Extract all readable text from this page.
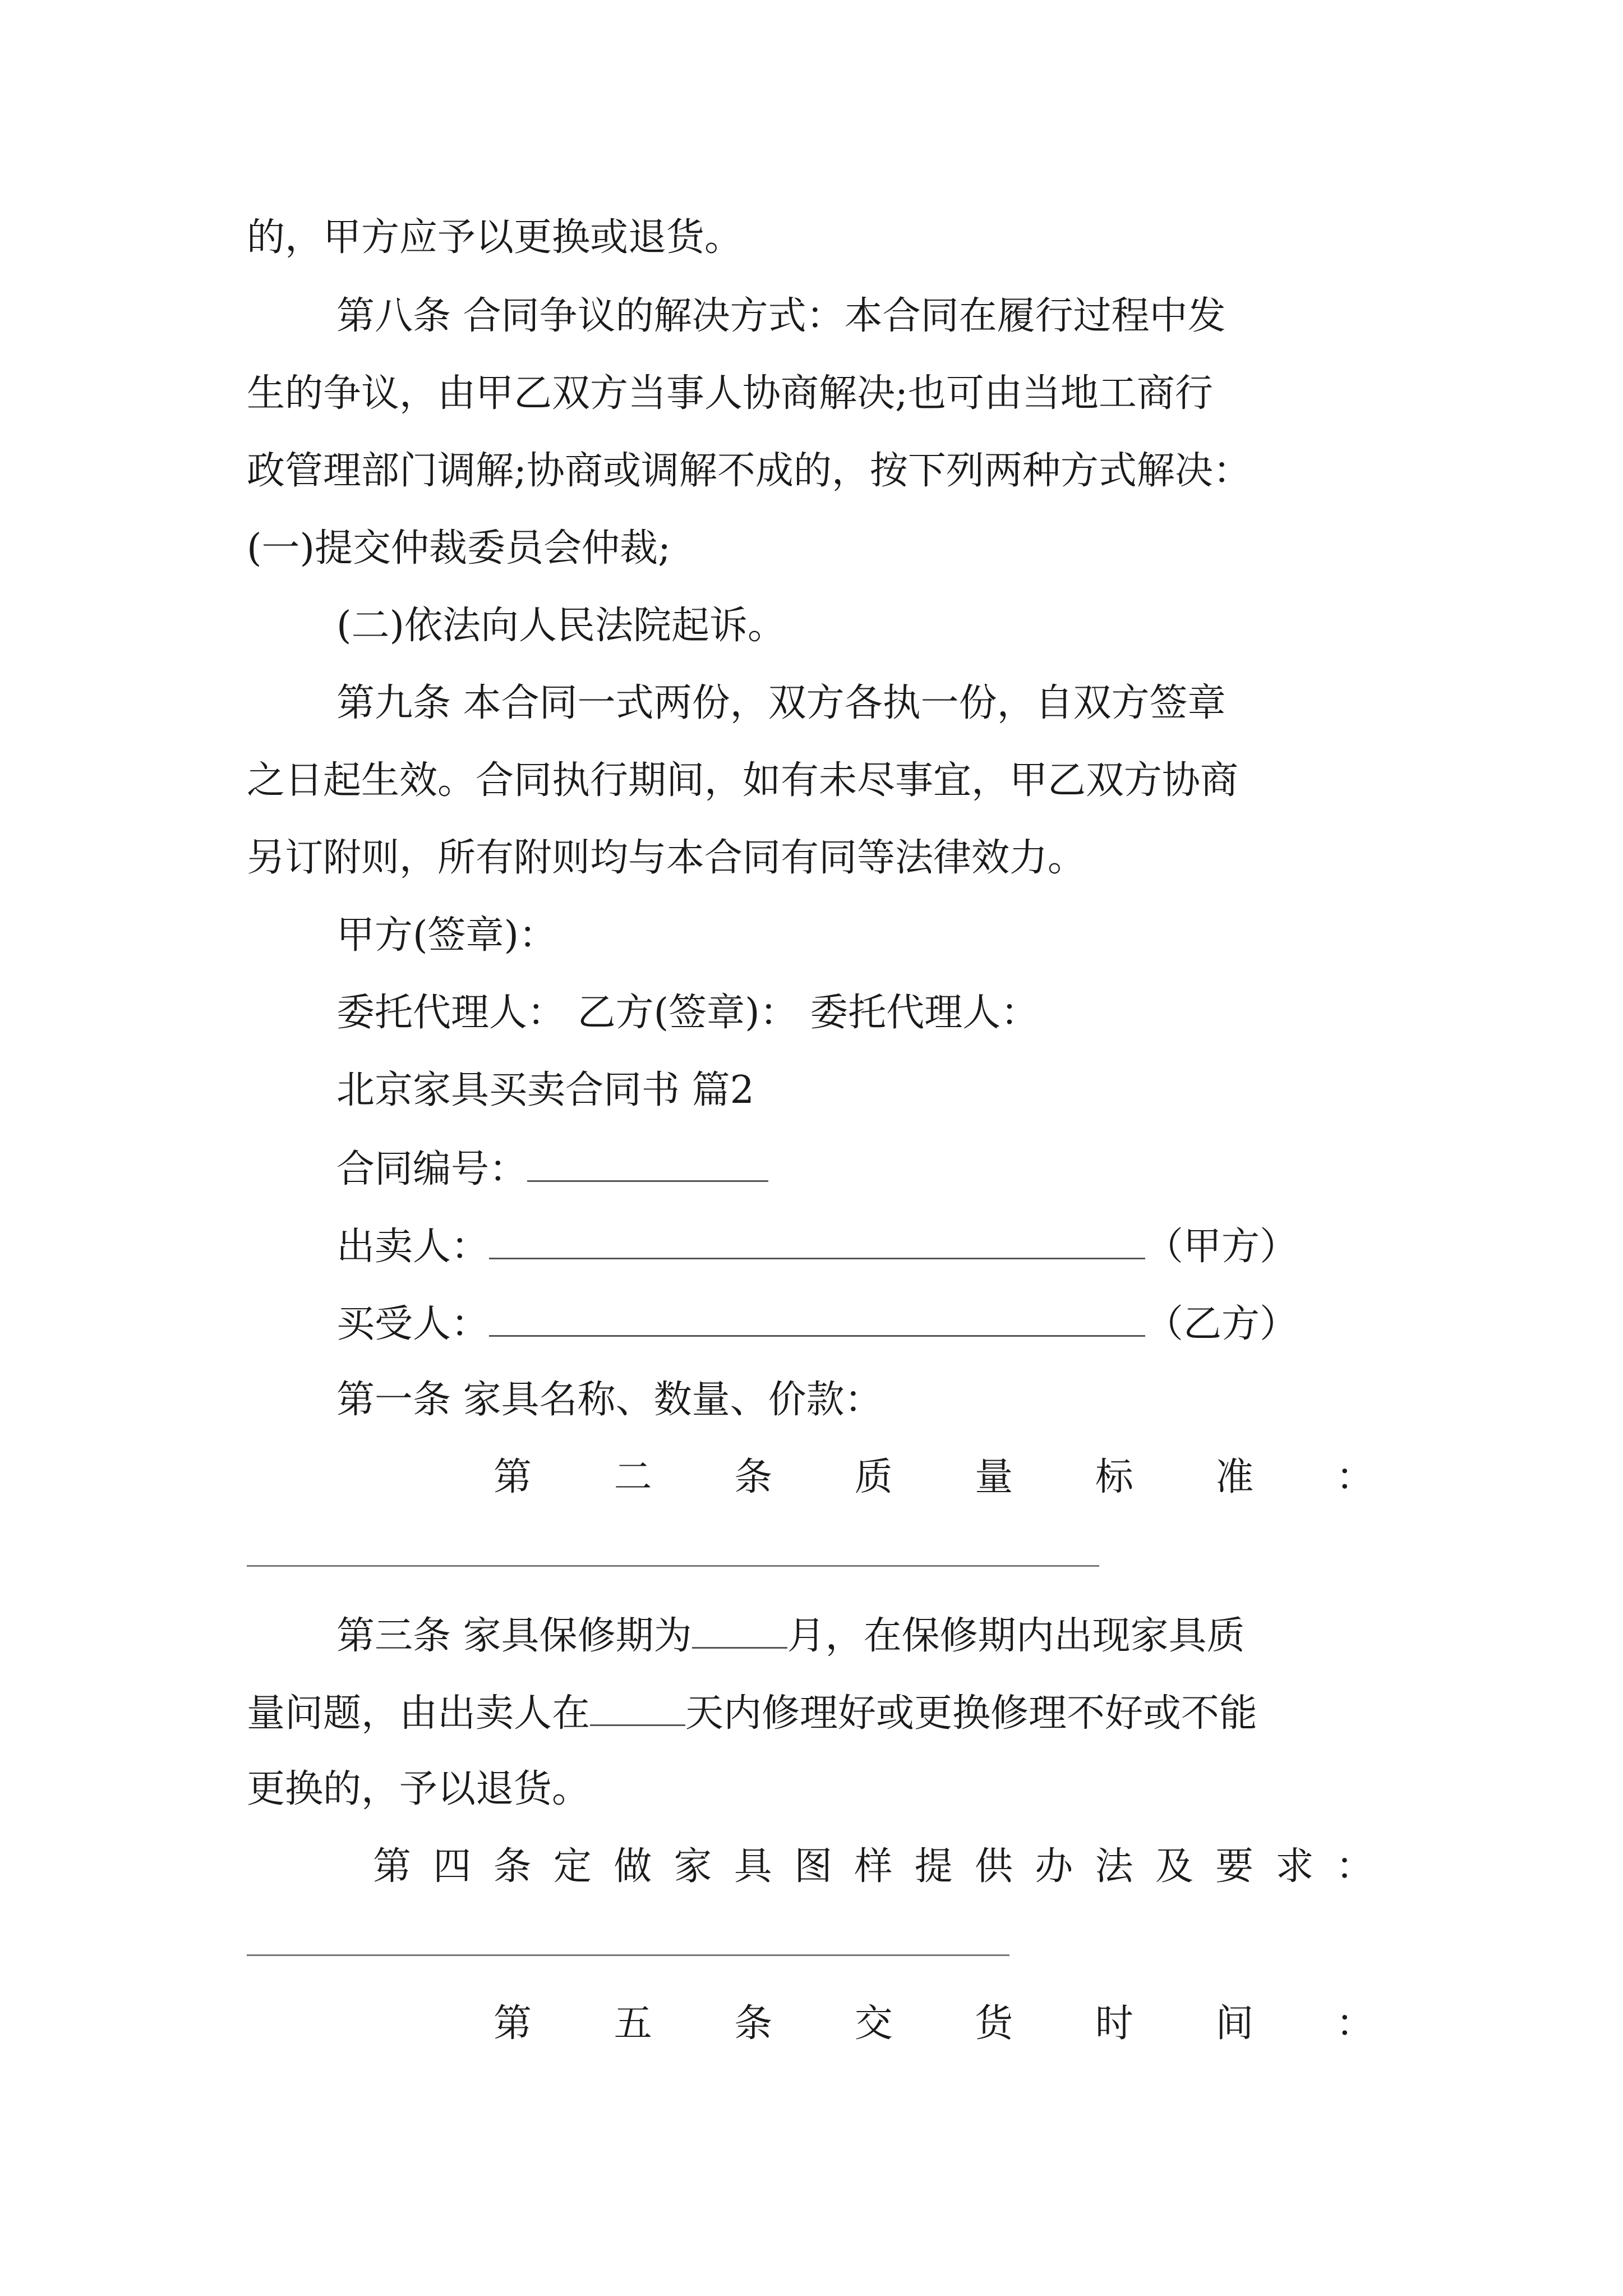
的，甲方应予以更换或退货。
第八条 合同争议的解决方式：本合同在履行过程中发
生的争议，由甲乙双方当事人协商解决;也可由当地工商行
政管理部门调解;协商或调解不成的，按下列两种方式解决：
(一)提交仲裁委员会仲裁;
(二)依法向人民法院起诉。
第九条 本合同一式两份，双方各执一份，自双方签章
之日起生效。合同执行期间，如有未尽事宜，甲乙双方协商
另订附则，所有附则均与本合同有同等法律效力。
甲方(签章)：
委托代理人： 乙方(签章)： 委托代理人：
北京家具买卖合同书 篇2
合同编号：
出卖人：	（甲方）
买受人：	（乙方）
第一条 家具名称、数量、价款：
第 二 条 质 量 标 准 ：
第三条 家具保修期为	月，在保修期内出现家具质
量问题，由出卖人在	天内修理好或更换修理不好或不能
更换的，予以退货。
第 四 条 定 做 家 具 图 样 提 供 办 法 及 要 求 ：
第 五 条 交 货 时 间 ：
